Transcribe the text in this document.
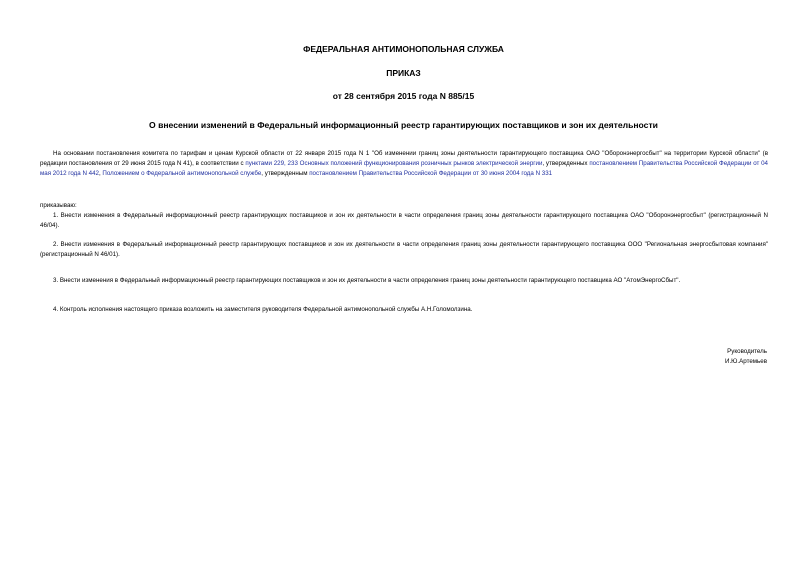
ФЕДЕРАЛЬНАЯ АНТИМОНОПОЛЬНАЯ СЛУЖБА
ПРИКАЗ
от 28 сентября 2015 года N 885/15
О внесении изменений в Федеральный информационный реестр гарантирующих поставщиков и зон их деятельности
На основании постановления комитета по тарифам и ценам Курской области от 22 января 2015 года N 1 "Об изменении границ зоны деятельности гарантирующего поставщика ОАО "Оборонэнергосбыт" на территории Курской области" (в редакции постановления от 29 июня 2015 года N 41), в соответствии с пунктами 229, 233 Основных положений функционирования розничных рынков электрической энергии, утвержденных постановлением Правительства Российской Федерации от 04 мая 2012 года N 442, Положением о Федеральной антимонопольной службе, утвержденным постановлением Правительства Российской Федерации от 30 июня 2004 года N 331
приказываю:
1. Внести изменения в Федеральный информационный реестр гарантирующих поставщиков и зон их деятельности в части определения границ зоны деятельности гарантирующего поставщика ОАО "Оборонэнергосбыт" (регистрационный N 46/04).
2. Внести изменения в Федеральный информационный реестр гарантирующих поставщиков и зон их деятельности в части определения границ зоны деятельности гарантирующего поставщика ООО "Региональная энергосбытовая компания" (регистрационный N 46/01).
3. Внести изменения в Федеральный информационный реестр гарантирующих поставщиков и зон их деятельности в части определения границ зоны деятельности гарантирующего поставщика АО "АтомЭнергоСбыт".
4. Контроль исполнения настоящего приказа возложить на заместителя руководителя Федеральной антимонопольной службы А.Н.Голомолзина.
Руководитель
И.Ю.Артемьев
